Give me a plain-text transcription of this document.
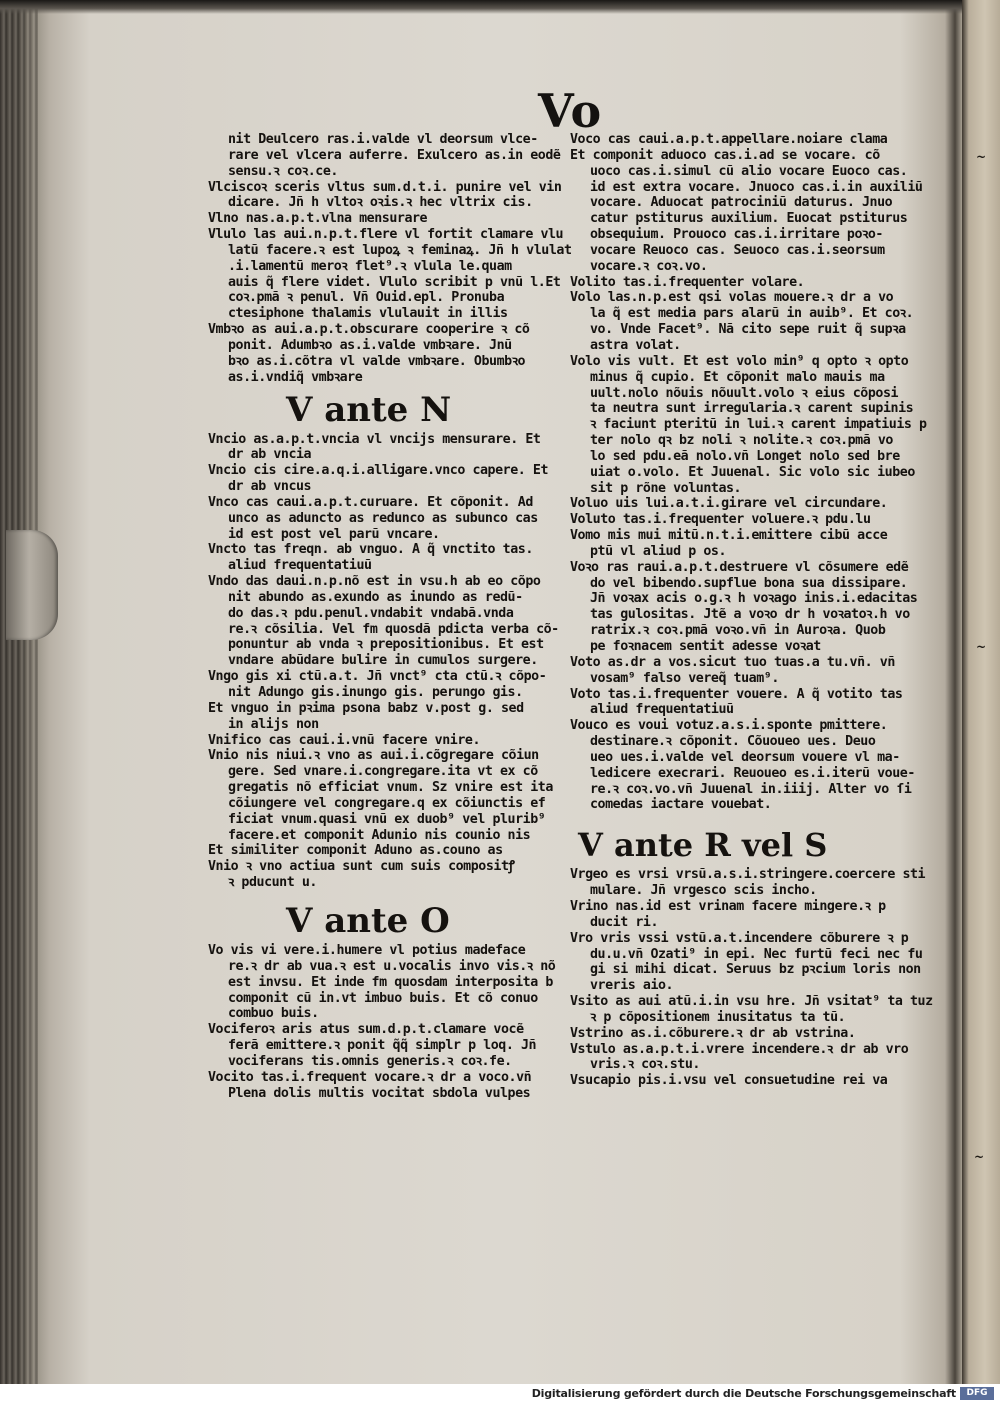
~
~
~
Vo
nit Deulcero ras.i.valde vl deorsum vlce-
rare vel vlcera auferre. Exulcero as.in eodẽ
sensu.ꝛ coꝛ.ce.
Vlciscoꝛ sceris vltus sum.d.t.i. punire vel vin
dicare. Jñ h vltoꝛ oꝛis.ꝛ hec vltrix cis.
Vlno nas.a.p.t.vlna mensurare
Vlulo las aui.n.p.t.flere vl fortit clamare vlu
latũ facere.ꝛ est lupoꝝ ꝛ feminaꝝ. Jñ h vlulat
.i.lamentũ meroꝛ flet⁹.ꝛ vlula le.quam
auis q̃ flere videt. Vlulo scribit p vnũ l.Et
coꝛ.pmã ꝛ penul. Vñ Ouid.epl. Pronuba
ctesiphone thalamis vlulauit in illis
Vmbꝛo as aui.a.p.t.obscurare cooperire ꝛ cõ
ponit. Adumbꝛo as.i.valde vmbꝛare. Jnũ
bꝛo as.i.cõtra vl valde vmbꝛare. Obumbꝛo
as.i.vndiq̃ vmbꝛare
V ante N
Vncio as.a.p.t.vncia vl vncijs mensurare. Et
dr ab vncia
Vncio cis cire.a.q.i.alligare.vnco capere. Et
dr ab vncus
Vnco cas caui.a.p.t.curuare. Et cõponit. Ad
unco as aduncto as redunco as subunco cas
id est post vel parũ vncare.
Vncto tas freqn. ab vnguo. A q̃ vnctito tas.
aliud frequentatiuũ
Vndo das daui.n.p.nõ est in vsu.h ab eo cõpo
nit abundo as.exundo as inundo as redũ-
do das.ꝛ pdu.penul.vndabit vndabã.vnda
re.ꝛ cõsilia. Vel fm quosdã pdicta verba cõ-
ponuntur ab vnda ꝛ prepositionibus. Et est
vndare abũdare bulire in cumulos surgere.
Vngo gis xi ctũ.a.t. Jñ vnct⁹ cta ctũ.ꝛ cõpo-
nit Adungo gis.inungo gis. perungo gis.
Et vnguo in pꝛima psona babz v.post g. sed
in alijs non
Vnifico cas caui.i.vnũ facere vnire.
Vnio nis niui.ꝛ vno as aui.i.cõgregare cõiun
gere. Sed vnare.i.congregare.ita vt ex cõ
gregatis nõ efficiat vnum. Sz vnire est ita
cõiungere vel congregare.q ex cõiunctis ef
ficiat vnum.quasi vnũ ex duob⁹ vel plurib⁹
facere.et componit Adunio nis counio nis
Et similiter componit Aduno as.couno as
Vnio ꝛ vno actiua sunt cum suis compositꝭ
ꝛ pducunt u.
V ante O
Vo vis vi vere.i.humere vl potius madeface
re.ꝛ dr ab vua.ꝛ est u.vocalis invo vis.ꝛ nõ
est invsu. Et inde fm quosdam interposita b
componit cũ in.vt imbuo buis. Et cõ conuo
combuo buis.
Vociferoꝛ aris atus sum.d.p.t.clamare vocẽ
ferã emittere.ꝛ ponit q̃q̃ simplr p loq. Jñ
vociferans tis.omnis generis.ꝛ coꝛ.fe.
Vocito tas.i.frequent vocare.ꝛ dr a voco.vñ
Plena dolis multis vocitat sbdola vulpes
Voco cas caui.a.p.t.appellare.noiare clama
Et componit aduoco cas.i.ad se vocare. cõ
uoco cas.i.simul cũ alio vocare Euoco cas.
id est extra vocare. Jnuoco cas.i.in auxiliũ
vocare. Aduocat patrociniũ daturus. Jnuo
catur pstiturus auxilium. Euocat pstiturus
obsequium. Prouoco cas.i.irritare poꝛo-
vocare Reuoco cas. Seuoco cas.i.seorsum
vocare.ꝛ coꝛ.vo.
Volito tas.i.frequenter volare.
Volo las.n.p.est qsi volas mouere.ꝛ dr a vo
la q̃ est media pars alarũ in auib⁹. Et coꝛ.
vo. Vnde Facet⁹. Nã cito sepe ruit q̃ supꝛa
astra volat.
Volo vis vult. Et est volo min⁹ q opto ꝛ opto
minus q̃ cupio. Et cõponit malo mauis ma
uult.nolo nõuis nõuult.volo ꝛ eius cõposi
ta neutra sunt irregularia.ꝛ carent supinis
ꝛ faciunt pteritũ in lui.ꝛ carent impatiuis p
ter nolo qꝛ bz noli ꝛ nolite.ꝛ coꝛ.pmã vo
lo sed pdu.eã nolo.vñ Longet nolo sed bre
uiat o.volo. Et Juuenal. Sic volo sic iubeo
sit p rõne voluntas.
Voluo uis lui.a.t.i.girare vel circundare.
Voluto tas.i.frequenter voluere.ꝛ pdu.lu
Vomo mis mui mitũ.n.t.i.emittere cibũ acce
ptũ vl aliud p os.
Voꝛo ras raui.a.p.t.destruere vl cõsumere edẽ
do vel bibendo.supflue bona sua dissipare.
Jñ voꝛax acis o.g.ꝛ h voꝛago inis.i.edacitas
tas gulositas. Jtẽ a voꝛo dr h voꝛatoꝛ.h vo
ratrix.ꝛ coꝛ.pmã voꝛo.vñ in Auroꝛa. Quob
pe foꝛnacem sentit adesse voꝛat
Voto as.dr a vos.sicut tuo tuas.a tu.vñ. vñ
vosam⁹ falso vereq̃ tuam⁹.
Voto tas.i.frequenter vouere. A q̃ votito tas
aliud frequentatiuũ
Vouco es voui votuz.a.s.i.sponte pmittere.
destinare.ꝛ cõponit. Cõuoueo ues. Deuo
ueo ues.i.valde vel deorsum vouere vl ma-
ledicere execrari. Reuoueo es.i.iterũ voue-
re.ꝛ coꝛ.vo.vñ Juuenal in.iiij. Alter vo ſi
comedas iactare vouebat.
V ante R vel S
Vrgeo es vrsi vrsũ.a.s.i.stringere.coercere sti
mulare. Jñ vrgesco scis incho.
Vrino nas.id est vrinam facere mingere.ꝛ p
ducit ri.
Vro vris vssi vstũ.a.t.incendere cõburere ꝛ p
du.u.vñ Ozati⁹ in epi. Nec furtũ feci nec fu
gi si mihi dicat. Seruus bz pꝛcium loris non
vreris aio.
Vsito as aui atũ.i.in vsu hre. Jñ vsitat⁹ ta tuz
ꝛ p cõpositionem inusitatus ta tũ.
Vstrino as.i.cõburere.ꝛ dr ab vstrina.
Vstulo as.a.p.t.i.vrere incendere.ꝛ dr ab vro
vris.ꝛ coꝛ.stu.
Vsucapio pis.i.vsu vel consuetudine rei va
Digitalisierung gefördert durch die Deutsche Forschungsgemeinschaft	DFG
